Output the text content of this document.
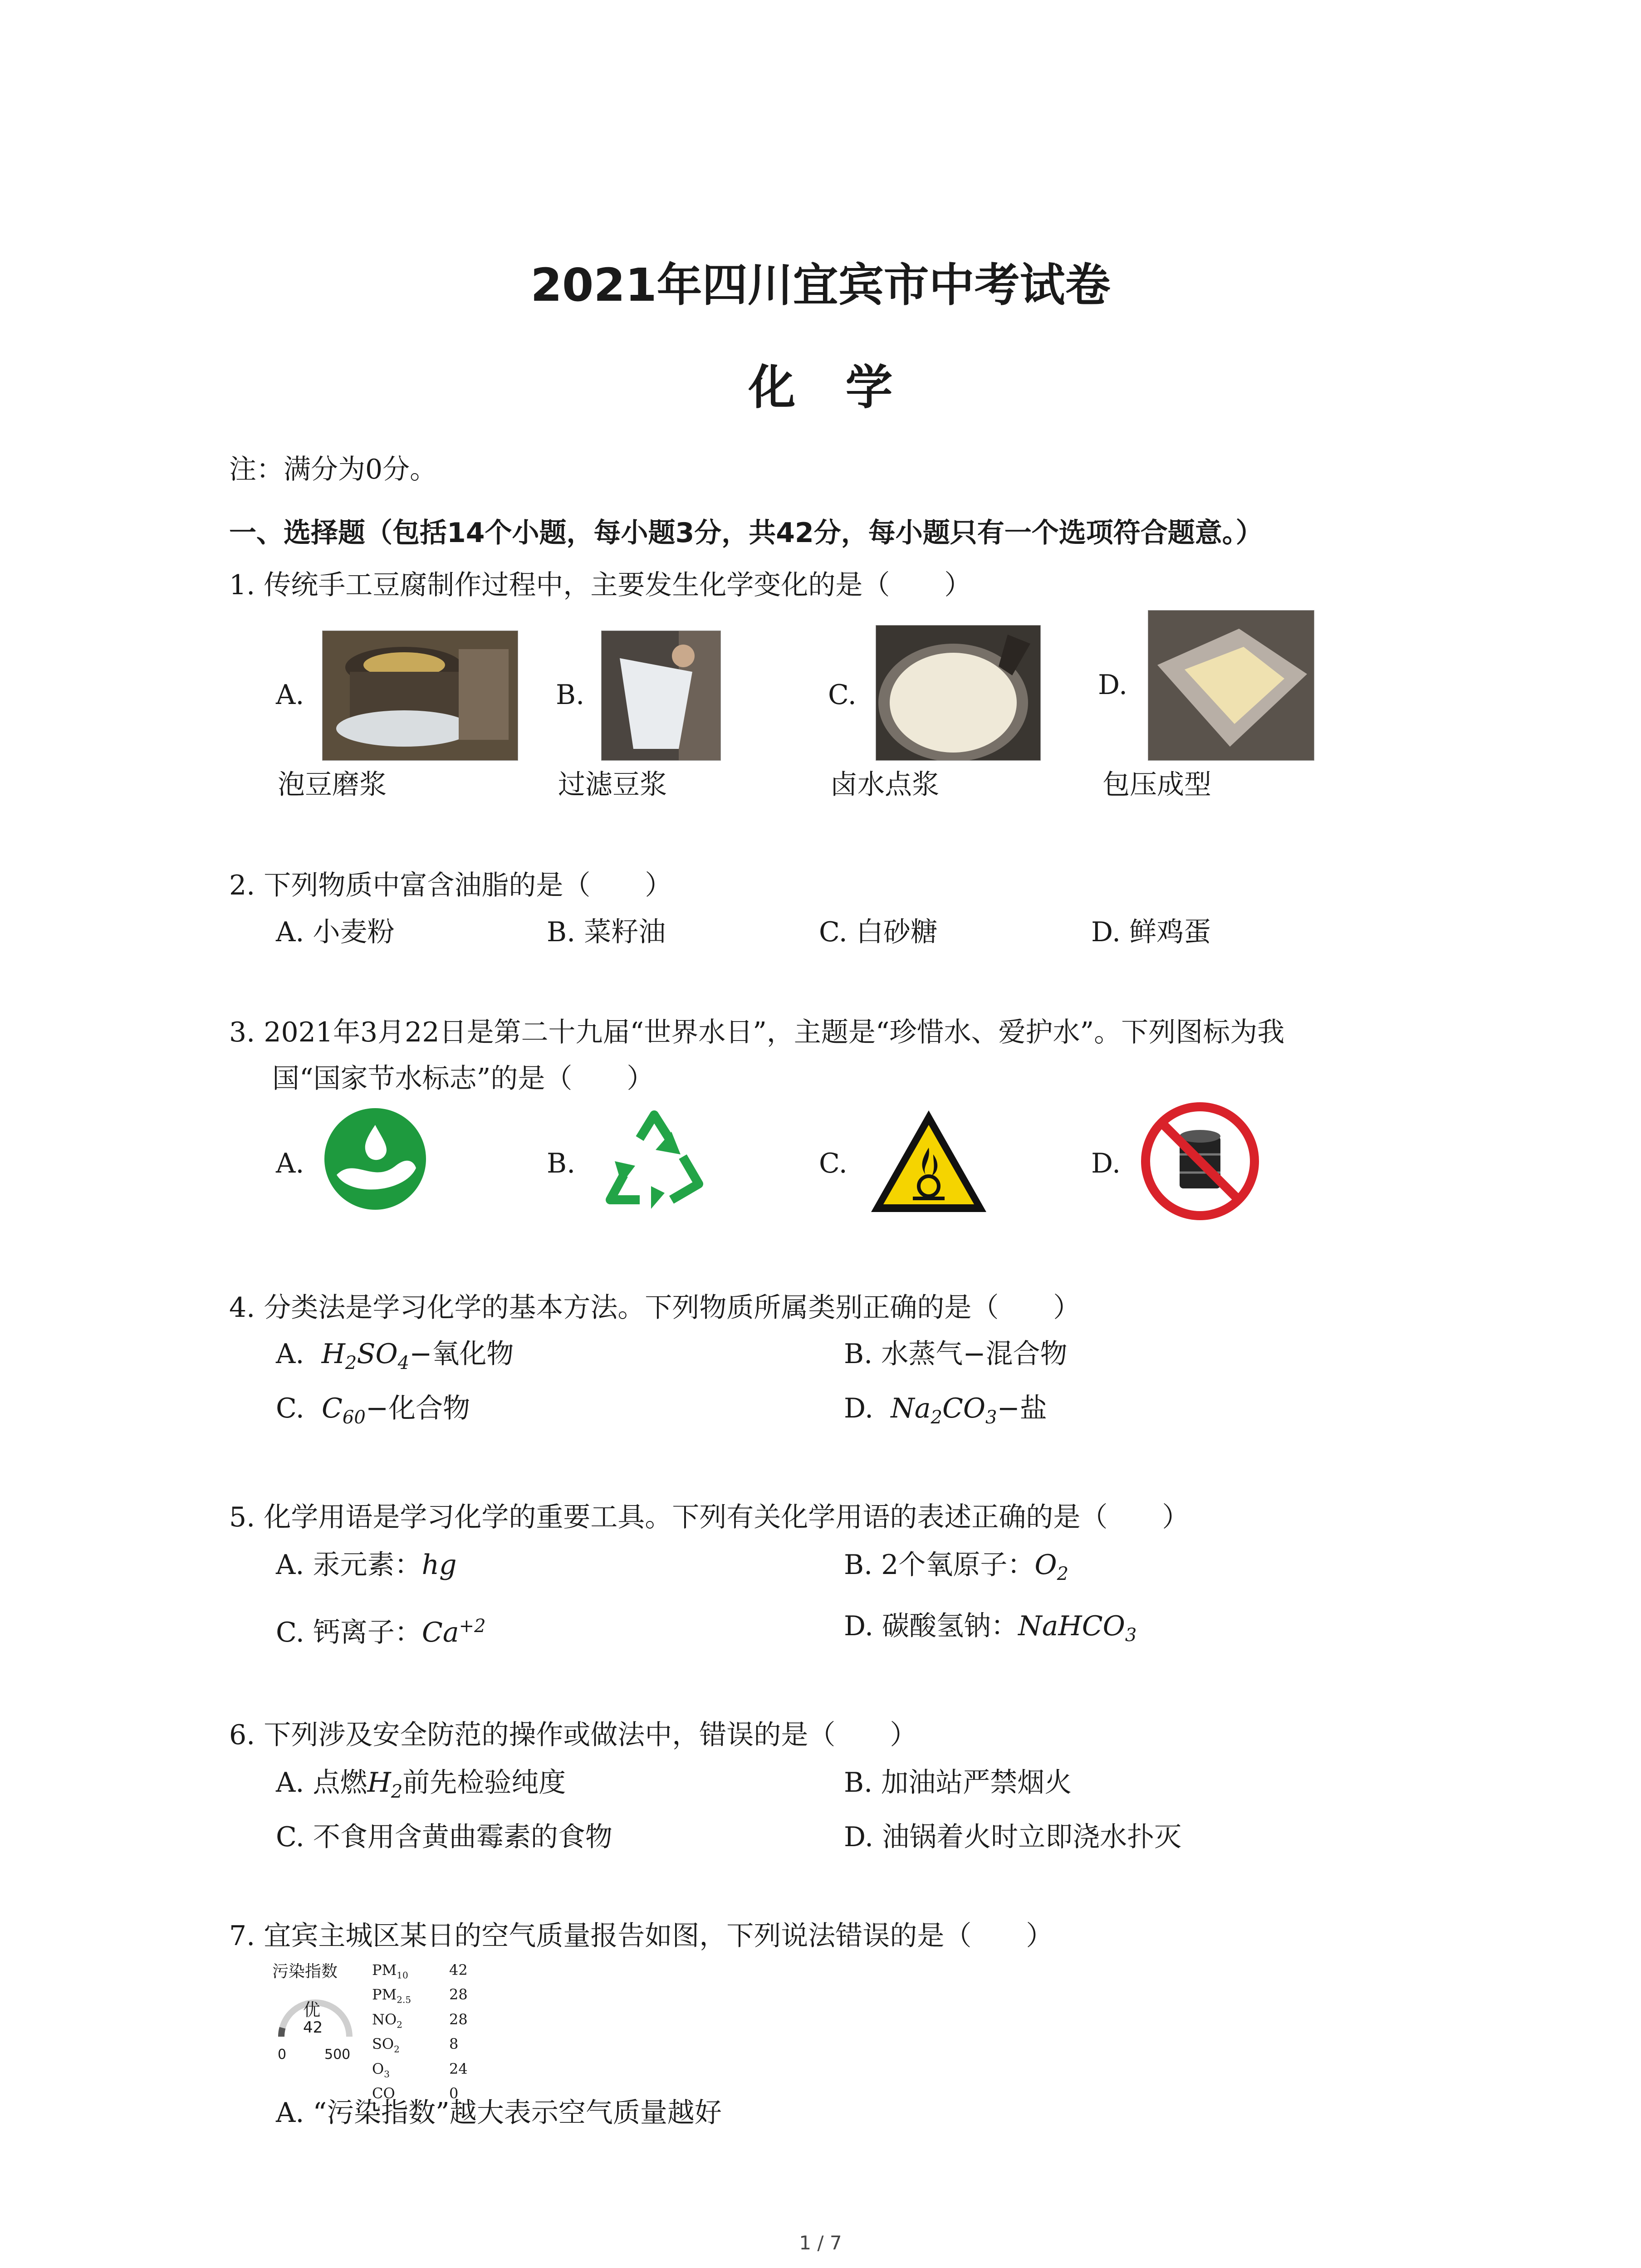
2021年四川宜宾市中考试卷
化学
注：满分为0分。
一、选择题（包括14个小题，每小题3分，共42分，每小题只有一个选项符合题意。）
1. 传统手工豆腐制作过程中，主要发生化学变化的是（　　）
A.
泡豆磨浆
B.
过滤豆浆
C.
卤水点浆
D.
包压成型
2. 下列物质中富含油脂的是（　　）
A. 小麦粉	B. 菜籽油	C. 白砂糖	D. 鲜鸡蛋
3. 2021年3月22日是第二十九届“世界水日”，主题是“珍惜水、爱护水”。下列图标为我
国“国家节水标志”的是（　　）
A.	B.	C.	D.
4. 分类法是学习化学的基本方法。下列物质所属类别正确的是（　　）
A. $H_2SO_4-$氧化物	B. 水蒸气−混合物
C. $C_{60}-$化合物	D. $Na_2CO_3-$盐
5. 化学用语是学习化学的重要工具。下列有关化学用语的表述正确的是（　　）
A. 汞元素：hg	B. 2个氧原子：$O_2$
C. 钙离子：$Ca^{+2}$	D. 碳酸氢钠：NaHCO$_3$
6. 下列涉及安全防范的操作或做法中，错误的是（　　）
A. 点燃$H_2$前先检验纯度	B. 加油站严禁烟火
C. 不食用含黄曲霉素的食物	D. 油锅着火时立即浇水扑灭
7. 宜宾主城区某日的空气质量报告如图，下列说法错误的是（　　）
污染指数
优
42
0	500
$PM_{10}$	42
$PM_{2.5}$	28
$NO_2$	28
$SO_2$	8
$O_3$	24
CO	0
A. “污染指数”越大表示空气质量越好
1 / 7
